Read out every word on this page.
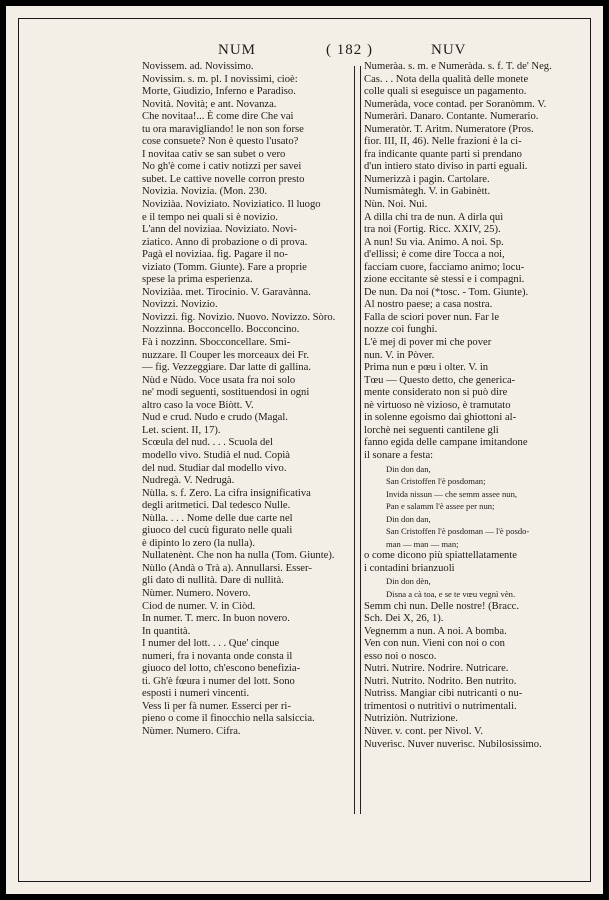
NUM	( 182 )	NUV

Novissem. ad. Novissimo.

Novissim. s. m. pl. I novissimi, cioè:

Morte, Giudizio, Inferno e Paradiso.

Novità. Novità; e ant. Novanza.

Che novitaa!... È come dire Che vai

tu ora maravigliando! le non son forse

cose consuete? Non è questo l'usato?

I novitaa cativ se san subet o vero

No gh'è come i cativ notizzi per savei

subet. Le cattive novelle corron presto

Novizia. Novizia. (Mon. 230.

Noviziàa. Noviziato. Noviziatico. Il luogo

e il tempo nei quali si è novizio.

L'ann del noviziaa. Noviziato. Novi-

ziatico. Anno di probazione o di prova.

Pagà el noviziaa. fig. Pagare il no-

viziato (Tomm. Giunte). Fare a proprie

spese la prima esperienza.

Noviziàa. met. Tirocinio. V. Garavànna.

Novìzzi. Novizio.

Novìzzi. fig. Novizio. Nuovo. Novizzo. Sòro.

Nozzìnna. Bocconcello. Bocconcino.

Fà i nozzìnn. Sbocconcellare. Smi-

nuzzare. Il Couper les morceaux dei Fr.

— fig. Vezzeggiare. Dar latte di gallina.

Nùd e Nùdo. Voce usata fra noi solo

ne' modi seguenti, sostituendosi in ogni

altro caso la voce Biòtt. V.

Nud e crud. Nudo e crudo (Magal.

Let. scient. II, 17).

Scœula del nud. . . . Scuola del

modello vivo. Studià el nud. Copià

del nud. Studiar dal modello vivo.

Nudregà. V. Nedrugà.

Nùlla. s. f. Zero. La cifra insignificativa

degli aritmetici. Dal tedesco Nulle.

Nùlla. . . . Nome delle due carte nel

giuoco del cucù figurato nelle quali

è dipinto lo zero (la nulla).

Nullatenènt. Che non ha nulla (Tom. Giunte).

Nùllo (Andà o Trà a). Annullarsi. Esser-

gli dato di nullità. Dare di nullità.

Nùmer. Numero. Novero.

Ciod de numer. V. in Ciòd.

In numer. T. merc. In buon novero.

In quantità.

I numer del lott. . . . Que' cinque

numeri, fra i novanta onde consta il

giuoco del lotto, ch'escono benefizia-

ti. Gh'è fœura i numer del lott. Sono

esposti i numeri vincenti.

Vess lì per fà numer. Esserci per ri-

pieno o come il finocchio nella salsiccia.

Nùmer. Numero. Cifra.

Numeràa. s. m. e Numeràda. s. f. T. de' Neg.

Cas. . . Nota della qualità delle monete

colle quali si eseguisce un pagamento.

Numeràda, voce contad. per Soranòmm. V.

Numeràri. Danaro. Contante. Numerario.

Numeratòr. T. Aritm. Numeratore (Pros.

fior. III, II, 46). Nelle frazioni è la ci-

fra indicante quante parti si prendano

d'un intiero stato diviso in parti eguali.

Numerizzà i pagin. Cartolare.

Numismàtegh. V. in Gabinètt.

Nùn. Noi. Nui.

A dilla chi tra de nun. A dirla quì

tra noi (Fortig. Ricc. XXIV, 25).

A nun! Su via. Animo. A noi. Sp.

d'ellissi; è come dire Tocca a noi,

facciam cuore, facciamo animo; locu-

zione eccitante sè stessi e i compagni.

De nun. Da noi (*tosc. - Tom. Giunte).

Al nostro paese; a casa nostra.

Falla de sciori pover nun. Far le

nozze coi funghi.

L'è mej di pover mi che pover

nun. V. in Pòver.

Prima nun e pœu i olter. V. in

Tœu — Questo detto, che generica-

mente considerato non si può dire

nè virtuoso nè vizioso, è tramutato

in solenne egoismo dai ghiottoni al-

lorchè nei seguenti cantilene gli

fanno egida delle campane imitandone

il sonare a festa:

Din don dan,

San Cristoffen l'è posdoman;

Invida nissun — che semm assee nun,

Pan e salamm l'è assee per nun;

Din don dan,

San Cristoffen l'è posdoman — l'è posdo-

man — man — man;

o come dicono più spiattellatamente

i contadini brianzuoli

Din don dèn,

Disna a cà toa, e se te vœu vegnì vèn.

Semm chi nun. Delle nostre! (Bracc.

Sch. Dei X, 26, 1).

Vegnemm a nun. A noi. A bomba.

Ven con nun. Vieni con noi o con

esso noi o nosco.

Nutrì. Nutrire. Nodrire. Nutricare.

Nutrì. Nutrito. Nodrito. Ben nutrito.

Nutrìss. Mangiar cibi nutricanti o nu-

trimentosi o nutritivi o nutrimentali.

Nutriziòn. Nutrizione.

Nùver. v. cont. per Nivol. V.

Nuverìsc. Nuver nuverìsc. Nubilosissimo.
